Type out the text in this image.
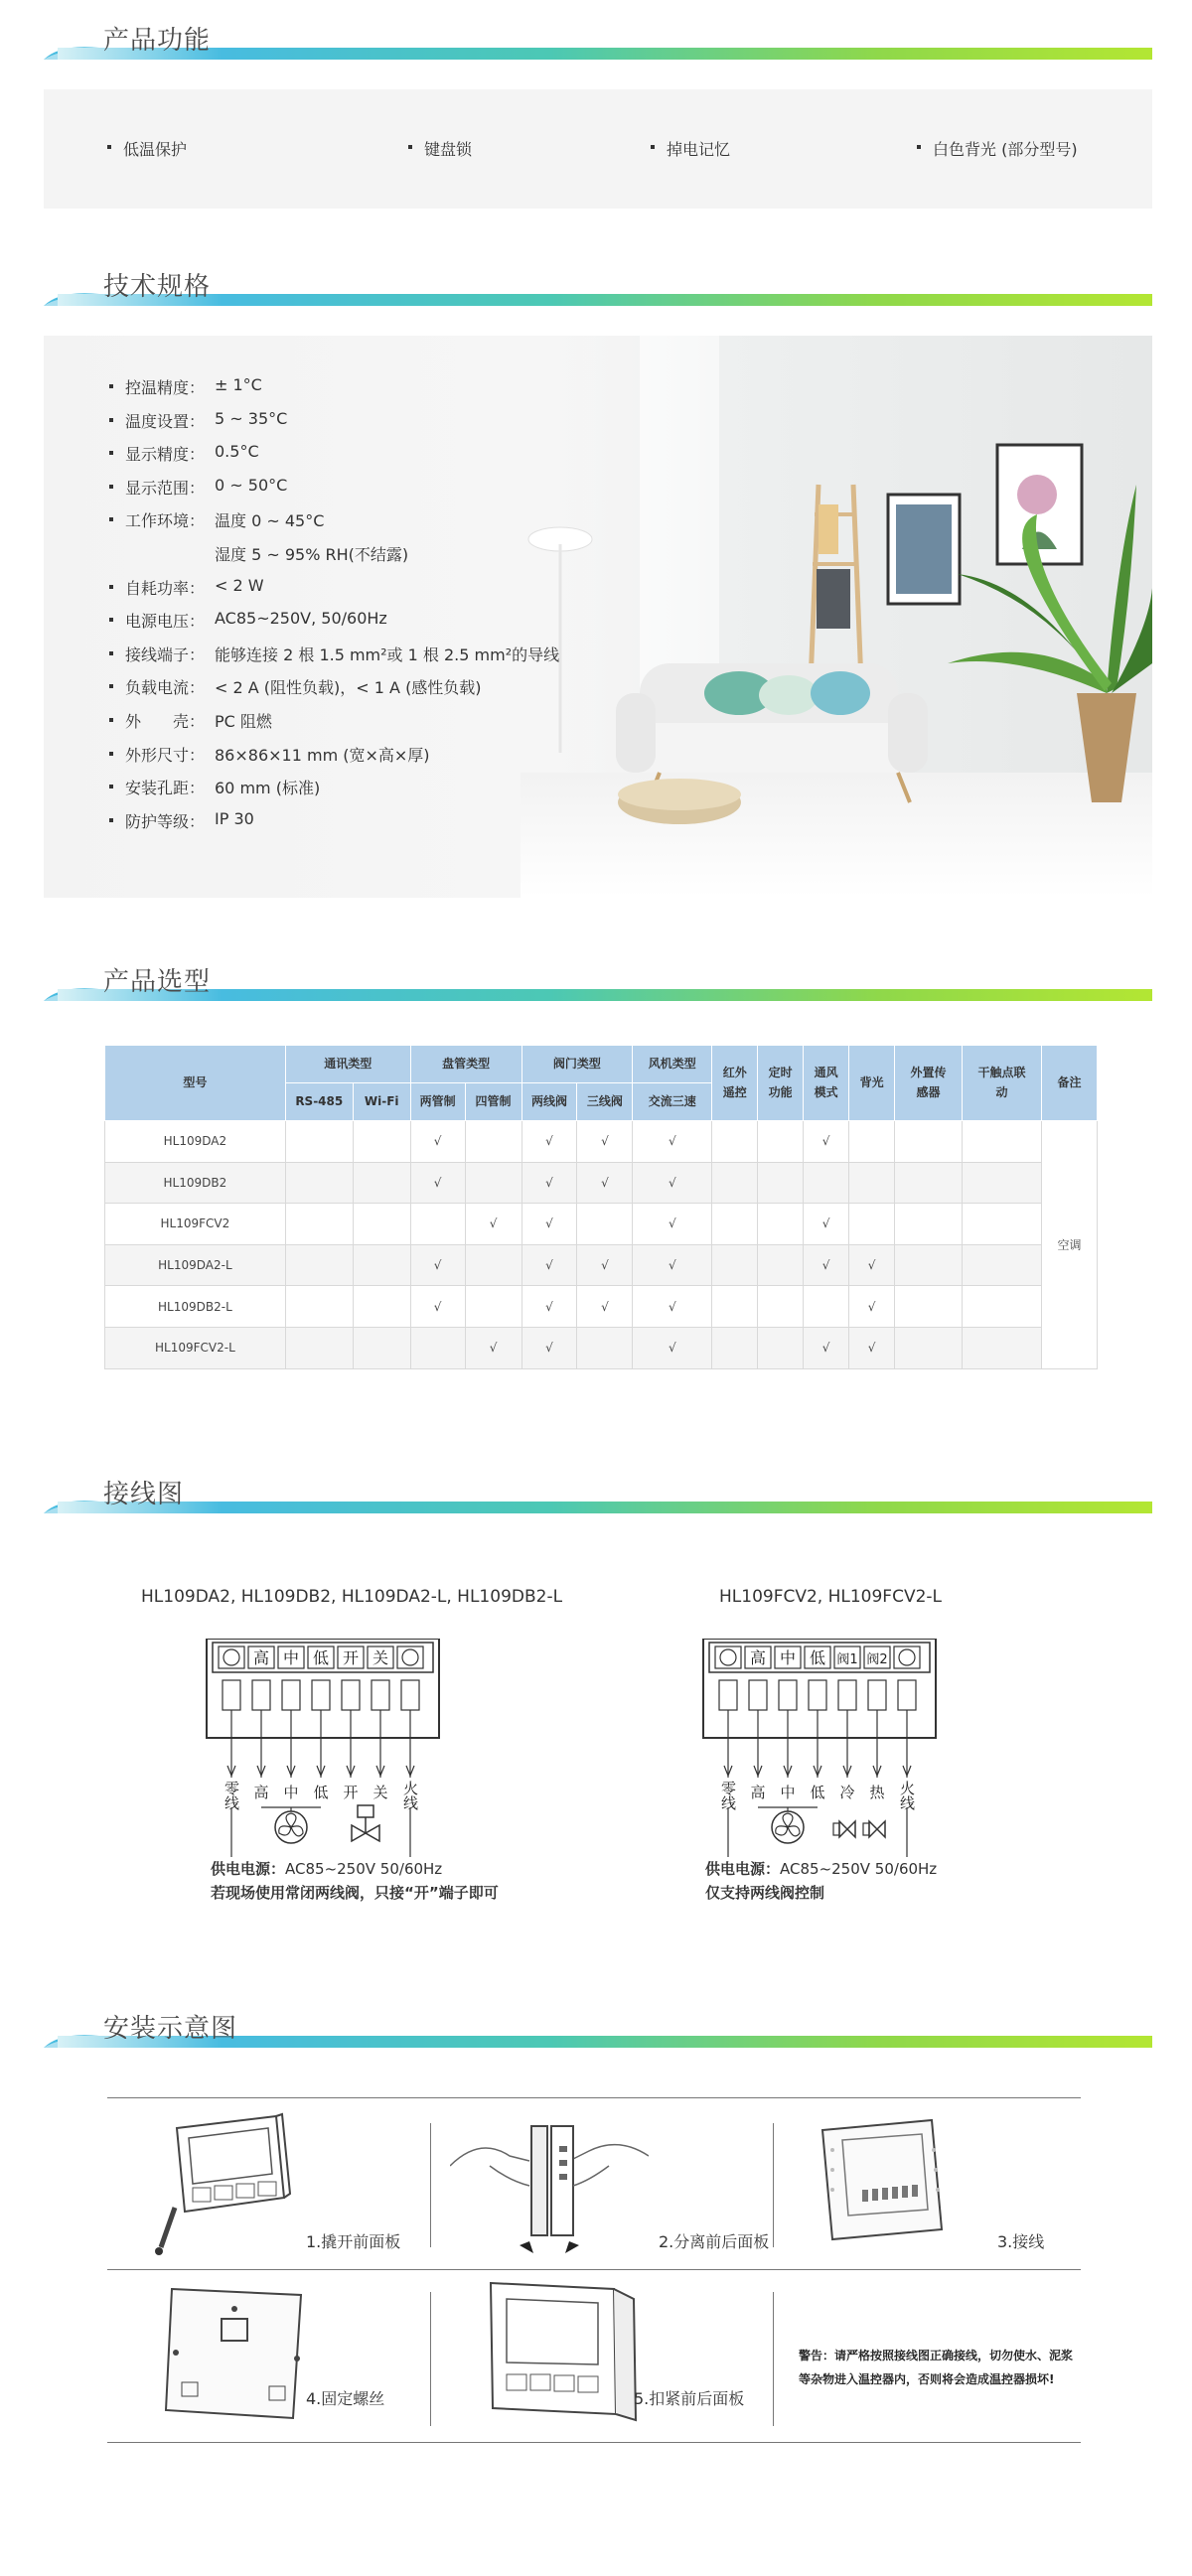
产品功能
低温保护	键盘锁	掉电记忆	白色背光 (部分型号)
技术规格
控温精度： ± 1°C
温度设置： 5 ~ 35°C
显示精度： 0.5°C
显示范围： 0 ~ 50°C
工作环境： 温度 0 ~ 45°C
湿度 5 ~ 95% RH(不结露)
自耗功率： < 2 W
电源电压： AC85~250V, 50/60Hz
接线端子： 能够连接 2 根 1.5 mm²或 1 根 2.5 mm²的导线
负载电流： < 2 A (阻性负载)，< 1 A (感性负载)
外　　壳： PC 阻燃
外形尺寸： 86×86×11 mm (宽×高×厚)
安装孔距： 60 mm (标准)
防护等级： IP 30
产品选型
型号	通讯类型		盘管类型		阀门类型		风机类型	红外遥控	定时功能	通风模式	背光	外置传感器	干触点联动	备注
	RS-485	Wi-Fi	两管制	四管制	两线阀	三线阀	交流三速							
HL109DA2			√		√	√	√			√				空调
HL109DB2			√		√	√	√							
HL109FCV2				√	√		√			√				
HL109DA2-L			√		√	√	√			√	√			
HL109DB2-L			√		√	√	√				√			
HL109FCV2-L				√	√		√			√	√			
接线图
HL109DA2, HL109DB2, HL109DA2-L, HL109DB2-L	HL109FCV2, HL109FCV2-L
零线
高
高
中
中
低
低
开
开
关
关 火线	零线
高
高
中
中
低
低
阀1
冷
阀2
热 火线
供电电源：AC85~250V 50/60Hz
若现场使用常闭两线阀，只接“开”端子即可
供电电源：AC85~250V 50/60Hz
仅支持两线阀控制
安装示意图
1.撬开前面板	2.分离前后面板	3.接线
4.固定螺丝	5.扣紧前后面板
警告：请严格按照接线图正确接线，切勿使水、泥浆等杂物进入温控器内，否则将会造成温控器损坏!
